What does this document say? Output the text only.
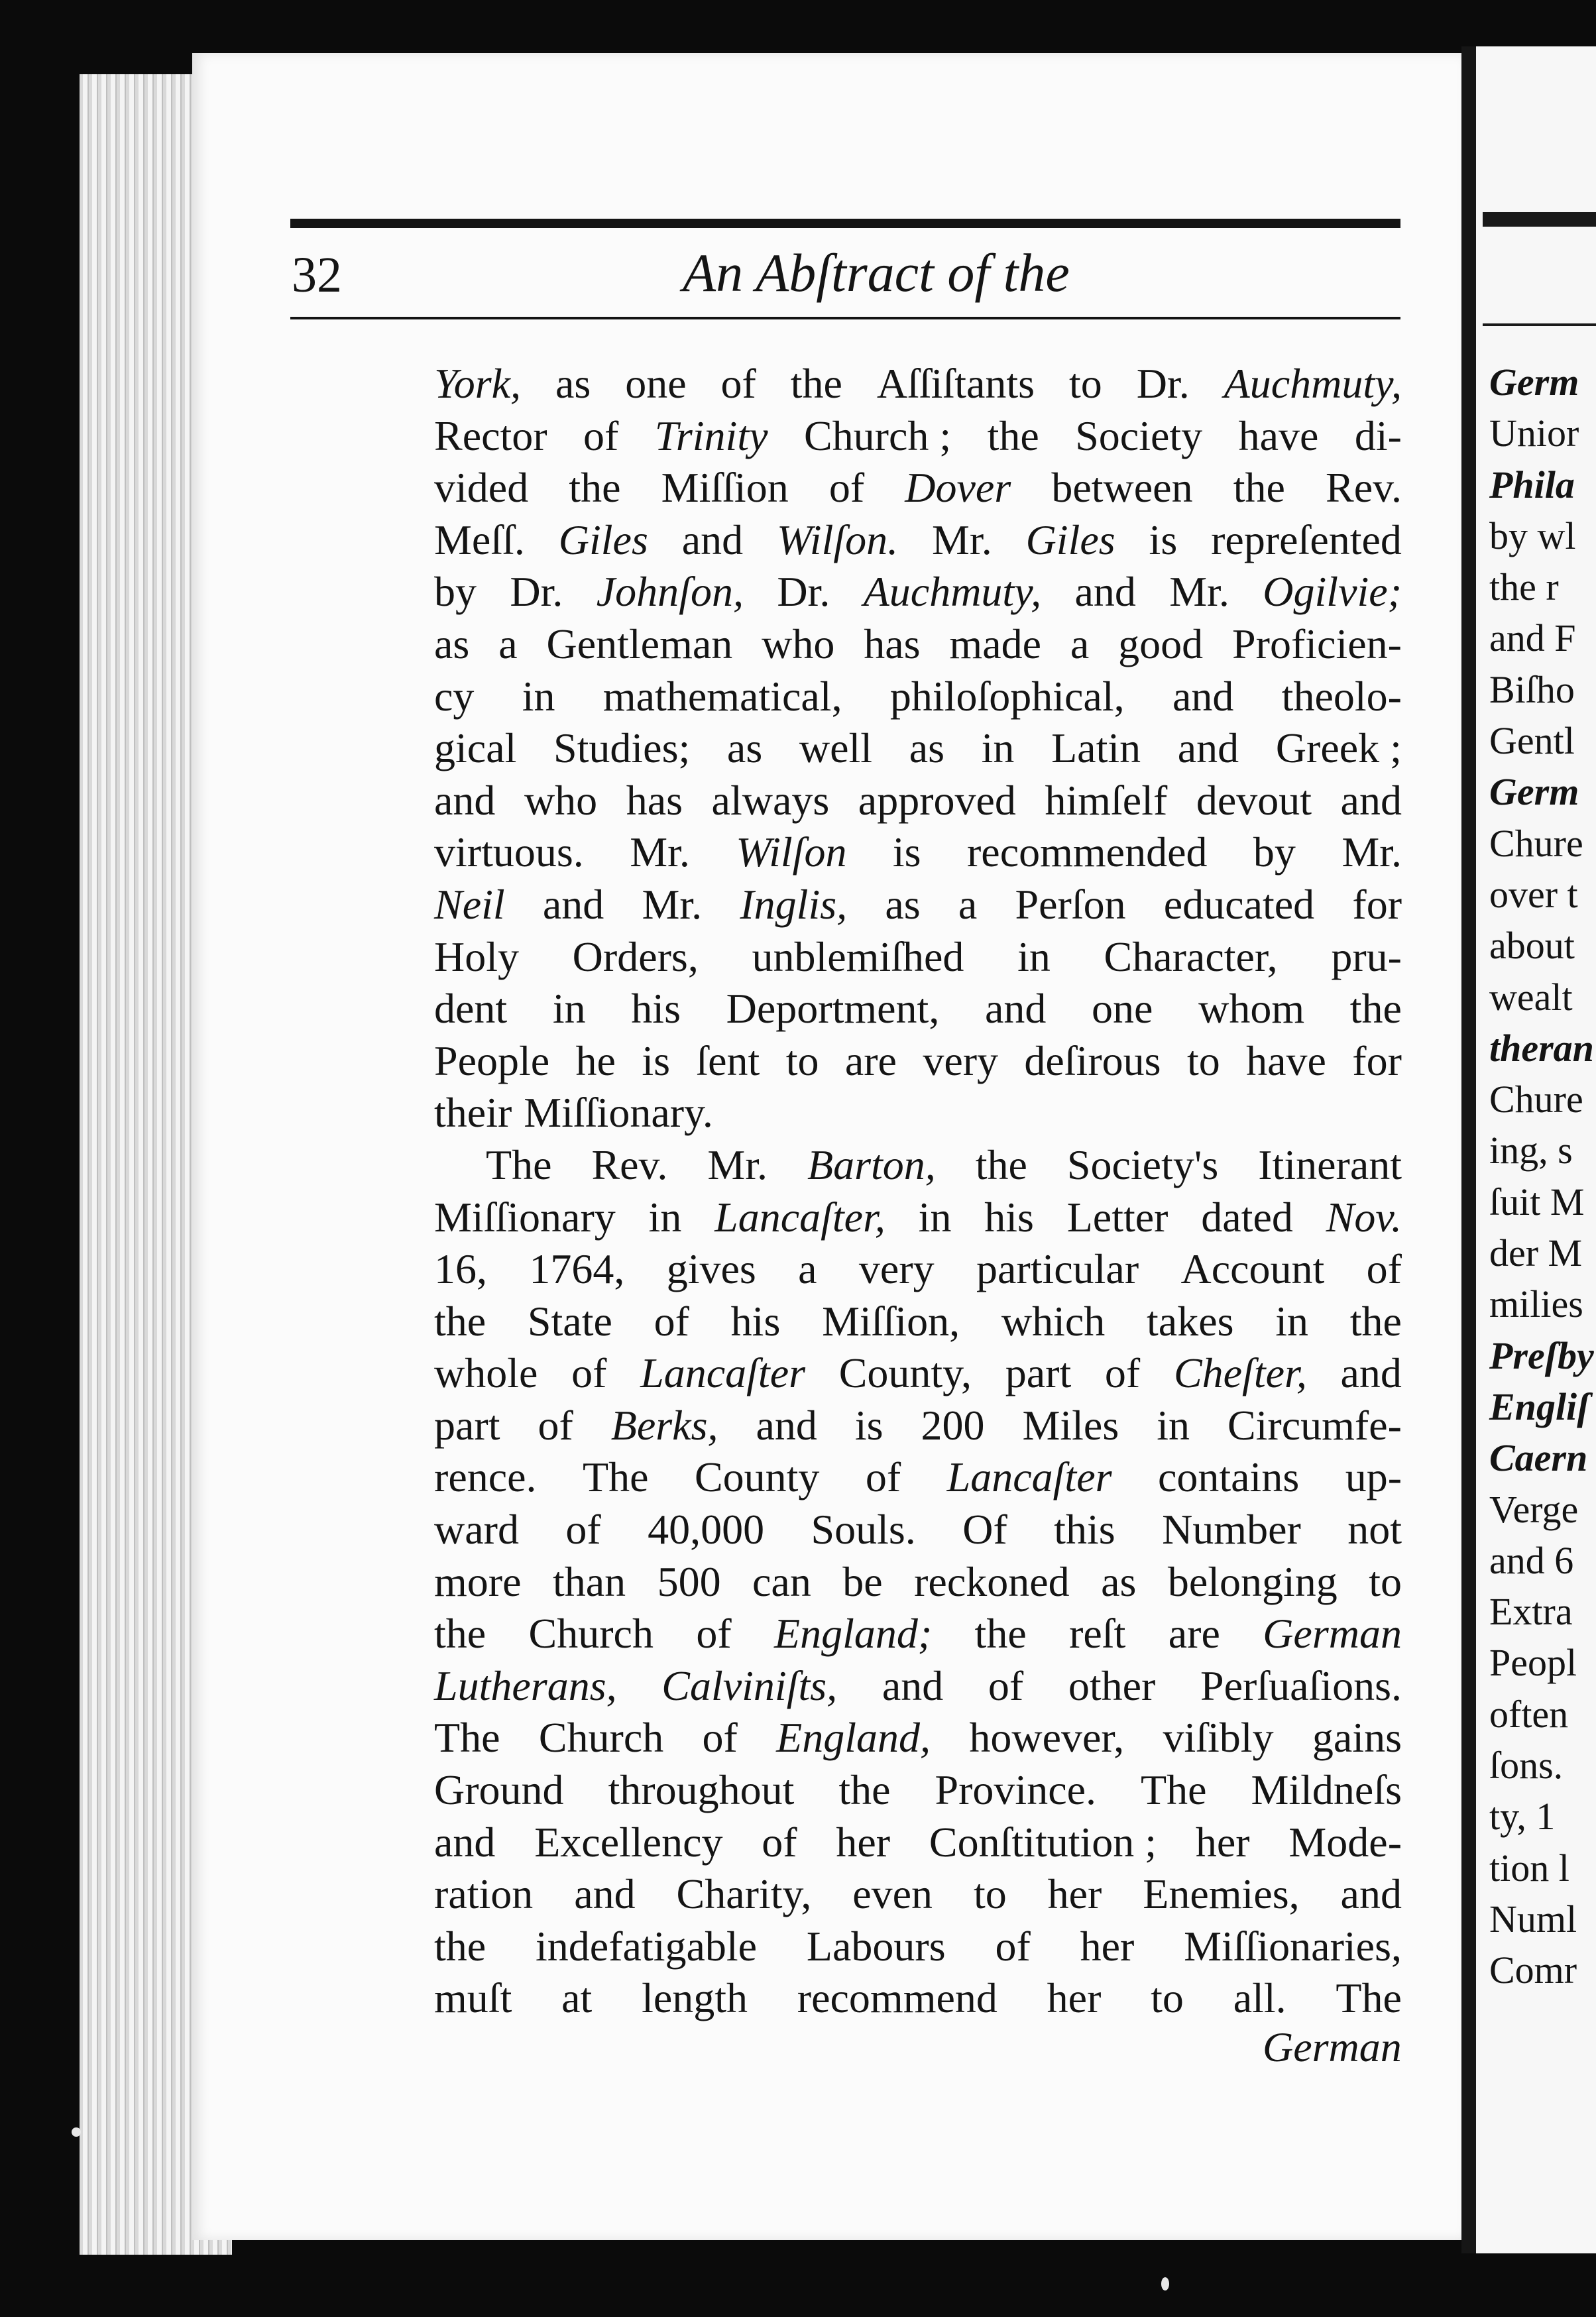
Germ
Unior
Phila
by wl
the r
and F
Biſho
Gentl
Germ
Chure
over t
about
wealt
theran
Chure
ing, s
ſuit M
der M
milies
Preſby
Engliſ
Caern
Verge
and 6
Extra
Peopl
often
ſons.
ty, 1
tion l
Numl
Comr
32	An Abſtract of the
York, as one of the Aſſiſtants to Dr. Auchmuty,
Rector of Trinity Church ; the Society have di-
vided the Miſſion of Dover between the Rev.
Meſſ. Giles and Wilſon. Mr. Giles is repreſented
by Dr. Johnſon, Dr. Auchmuty, and Mr. Ogilvie;
as a Gentleman who has made a good Proficien-
cy in mathematical, philoſophical, and theolo-
gical Studies; as well as in Latin and Greek ;
and who has always approved himſelf devout and
virtuous. Mr. Wilſon is recommended by Mr.
Neil and Mr. Inglis, as a Perſon educated for
Holy Orders, unblemiſhed in Character, pru-
dent in his Deportment, and one whom the
People he is ſent to are very deſirous to have for
their Miſſionary.
The Rev. Mr. Barton, the Society's Itinerant
Miſſionary in Lancaſter, in his Letter dated Nov.
16, 1764, gives a very particular Account of
the State of his Miſſion, which takes in the
whole of Lancaſter County, part of Cheſter, and
part of Berks, and is 200 Miles in Circumfe-
rence. The County of Lancaſter contains up-
ward of 40,000 Souls. Of this Number not
more than 500 can be reckoned as belonging to
the Church of England; the reſt are German
Lutherans, Calviniſts, and of other Perſuaſions.
The Church of England, however, viſibly gains
Ground throughout the Province. The Mildneſs
and Excellency of her Conſtitution ; her Mode-
ration and Charity, even to her Enemies, and
the indefatigable Labours of her Miſſionaries,
muſt at length recommend her to all. The
German
